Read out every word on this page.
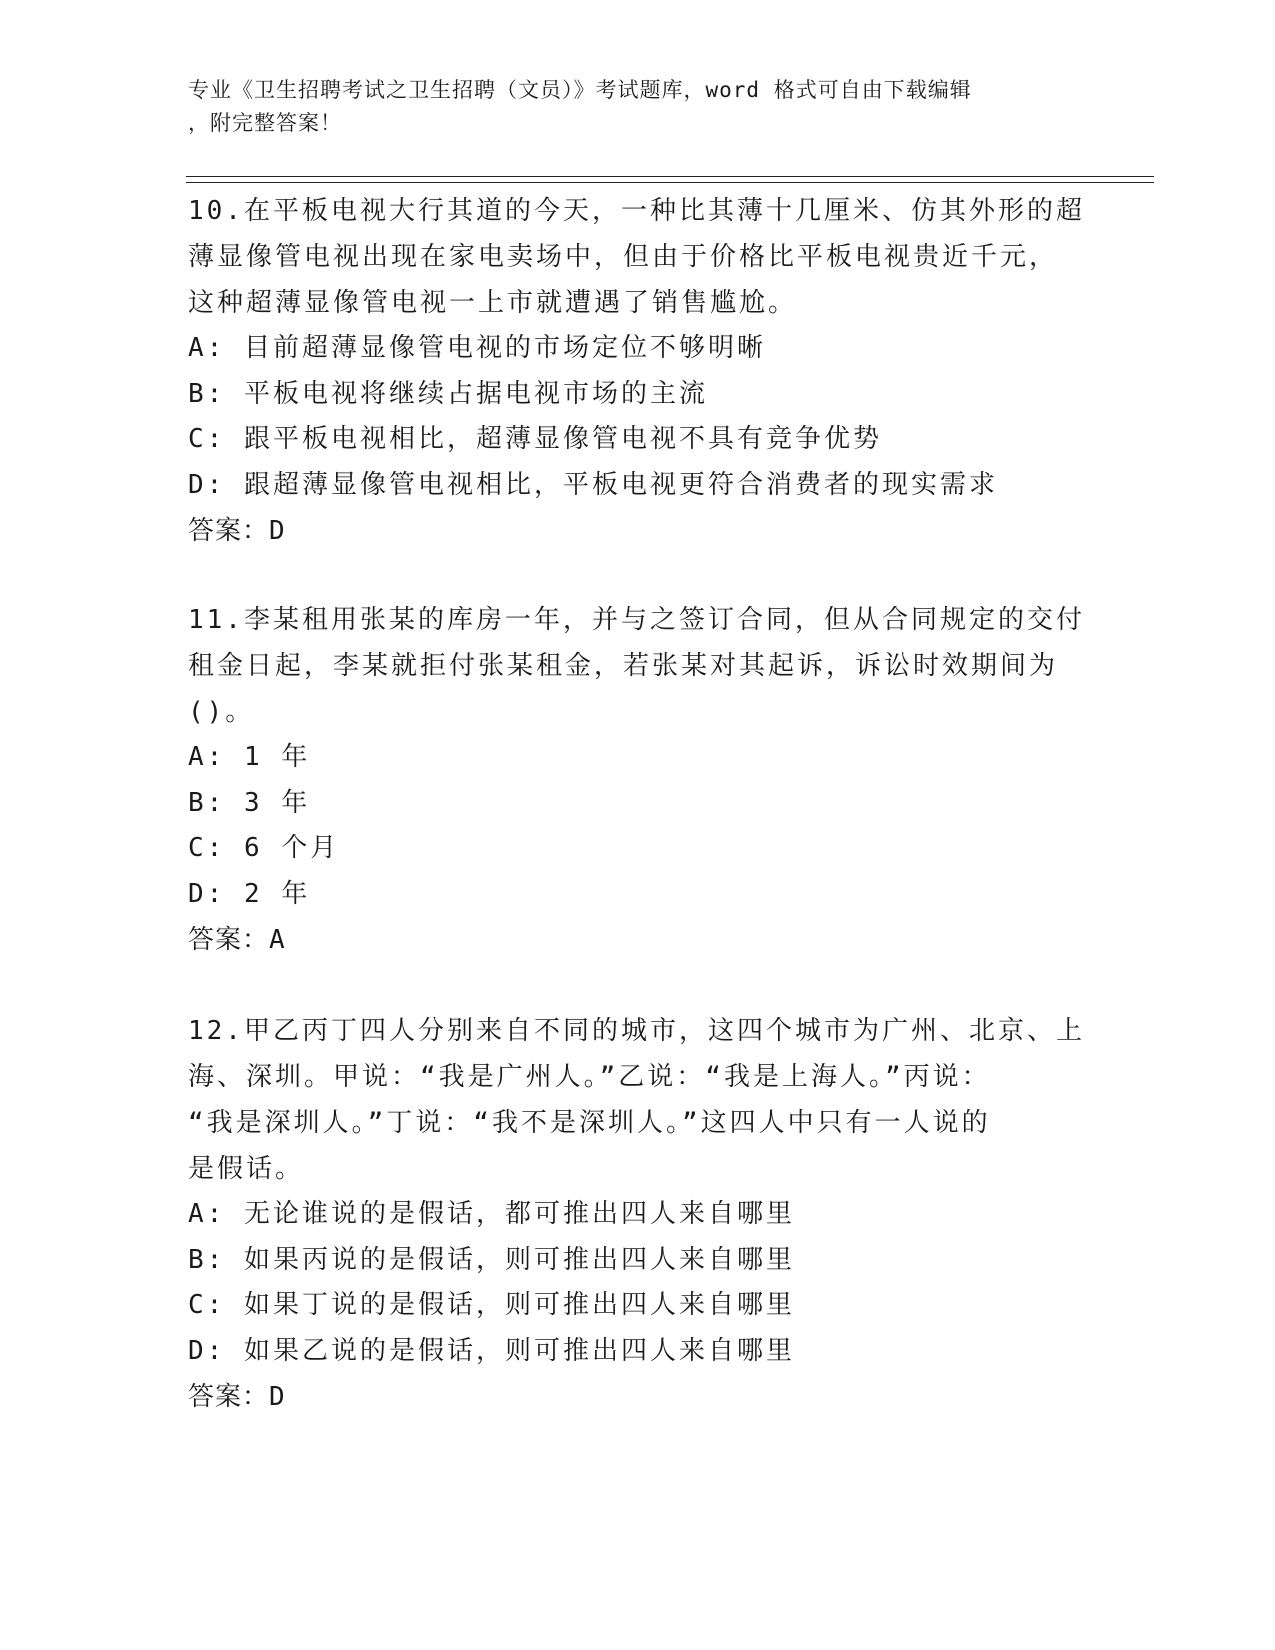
专业《卫生招聘考试之卫生招聘（文员）》考试题库，word 格式可自由下载编辑
，附完整答案！

10.在平板电视大行其道的今天，一种比其薄十几厘米、仿其外形的超

薄显像管电视出现在家电卖场中，但由于价格比平板电视贵近千元，

这种超薄显像管电视一上市就遭遇了销售尴尬。

A: 目前超薄显像管电视的市场定位不够明晰

B: 平板电视将继续占据电视市场的主流

C: 跟平板电视相比，超薄显像管电视不具有竞争优势

D: 跟超薄显像管电视相比，平板电视更符合消费者的现实需求

答案：D

11.李某租用张某的库房一年，并与之签订合同，但从合同规定的交付

租金日起，李某就拒付张某租金，若张某对其起诉，诉讼时效期间为

()。

A: 1 年

B: 3 年

C: 6 个月

D: 2 年

答案：A

12.甲乙丙丁四人分别来自不同的城市，这四个城市为广州、北京、上

海、深圳。甲说：“我是广州人。”乙说：“我是上海人。”丙说：

“我是深圳人。”丁说：“我不是深圳人。”这四人中只有一人说的

是假话。

A: 无论谁说的是假话，都可推出四人来自哪里

B: 如果丙说的是假话，则可推出四人来自哪里

C: 如果丁说的是假话，则可推出四人来自哪里

D: 如果乙说的是假话，则可推出四人来自哪里

答案：D
